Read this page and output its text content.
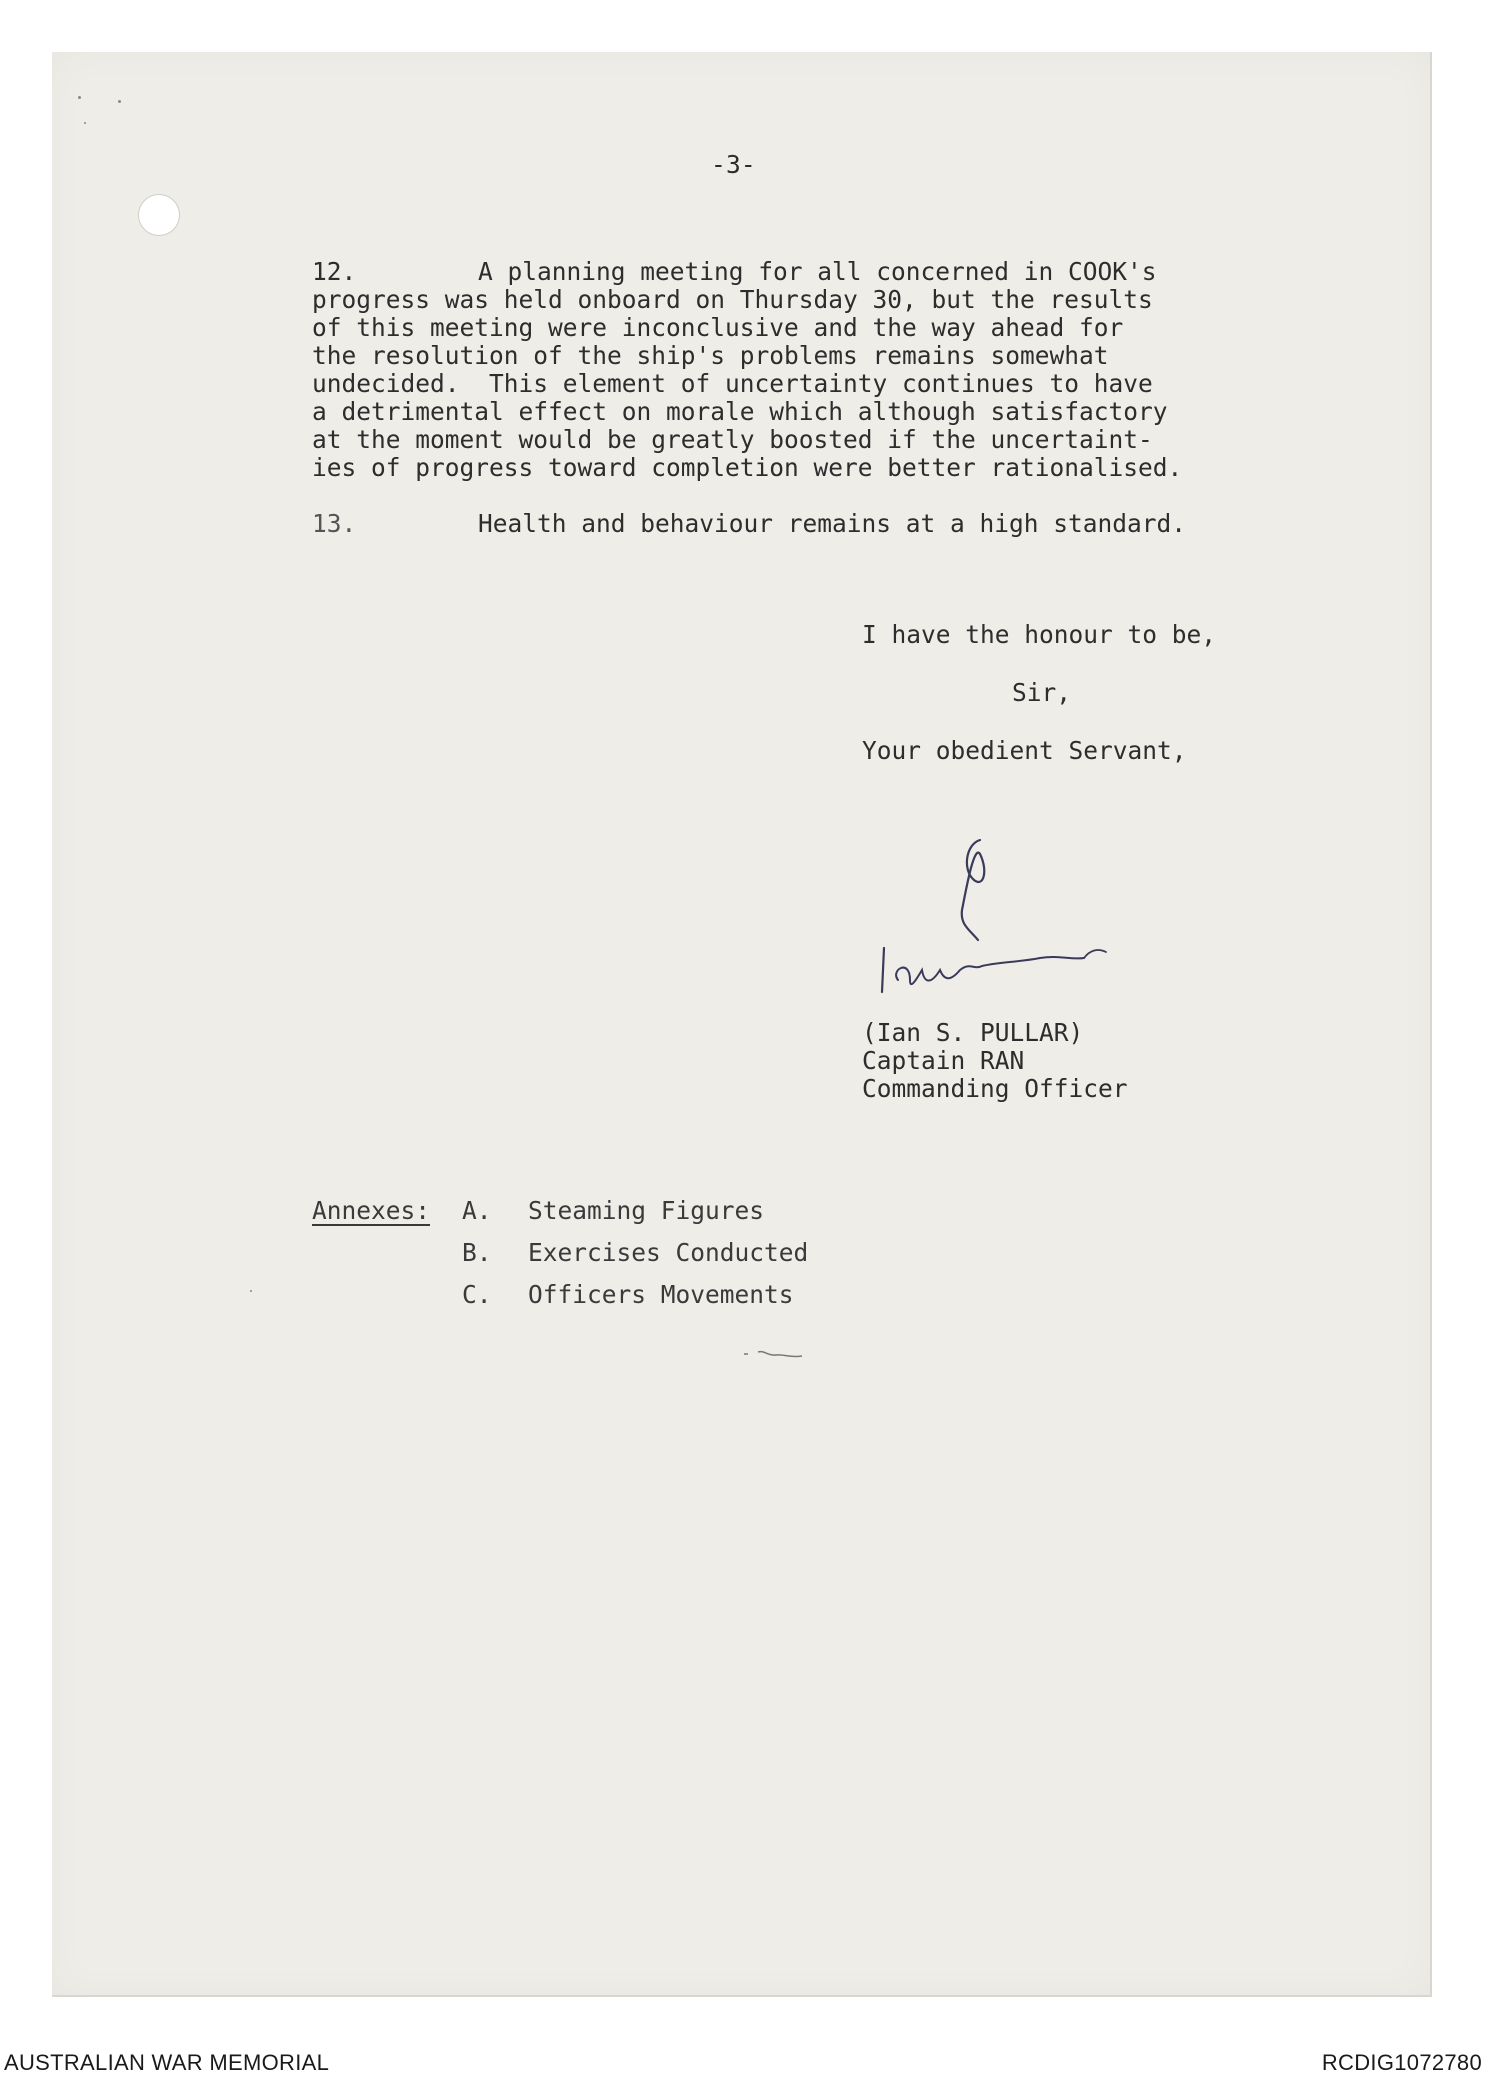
-3-
12.	A planning meeting for all concerned in COOK's
progress was held onboard on Thursday 30, but the results
of this meeting were inconclusive and the way ahead for
the resolution of the ship's problems remains somewhat
undecided.  This element of uncertainty continues to have
a detrimental effect on morale which although satisfactory
at the moment would be greatly boosted if the uncertaint-
ies of progress toward completion were better rationalised.
13.	Health and behaviour remains at a high standard.
I have the honour to be,
Sir,
Your obedient Servant,
(Ian S. PULLAR)
Captain RAN
Commanding Officer
Annexes: A. Steaming Figures
B. Exercises Conducted
C. Officers Movements
AUSTRALIAN WAR MEMORIAL	RCDIG1072780
